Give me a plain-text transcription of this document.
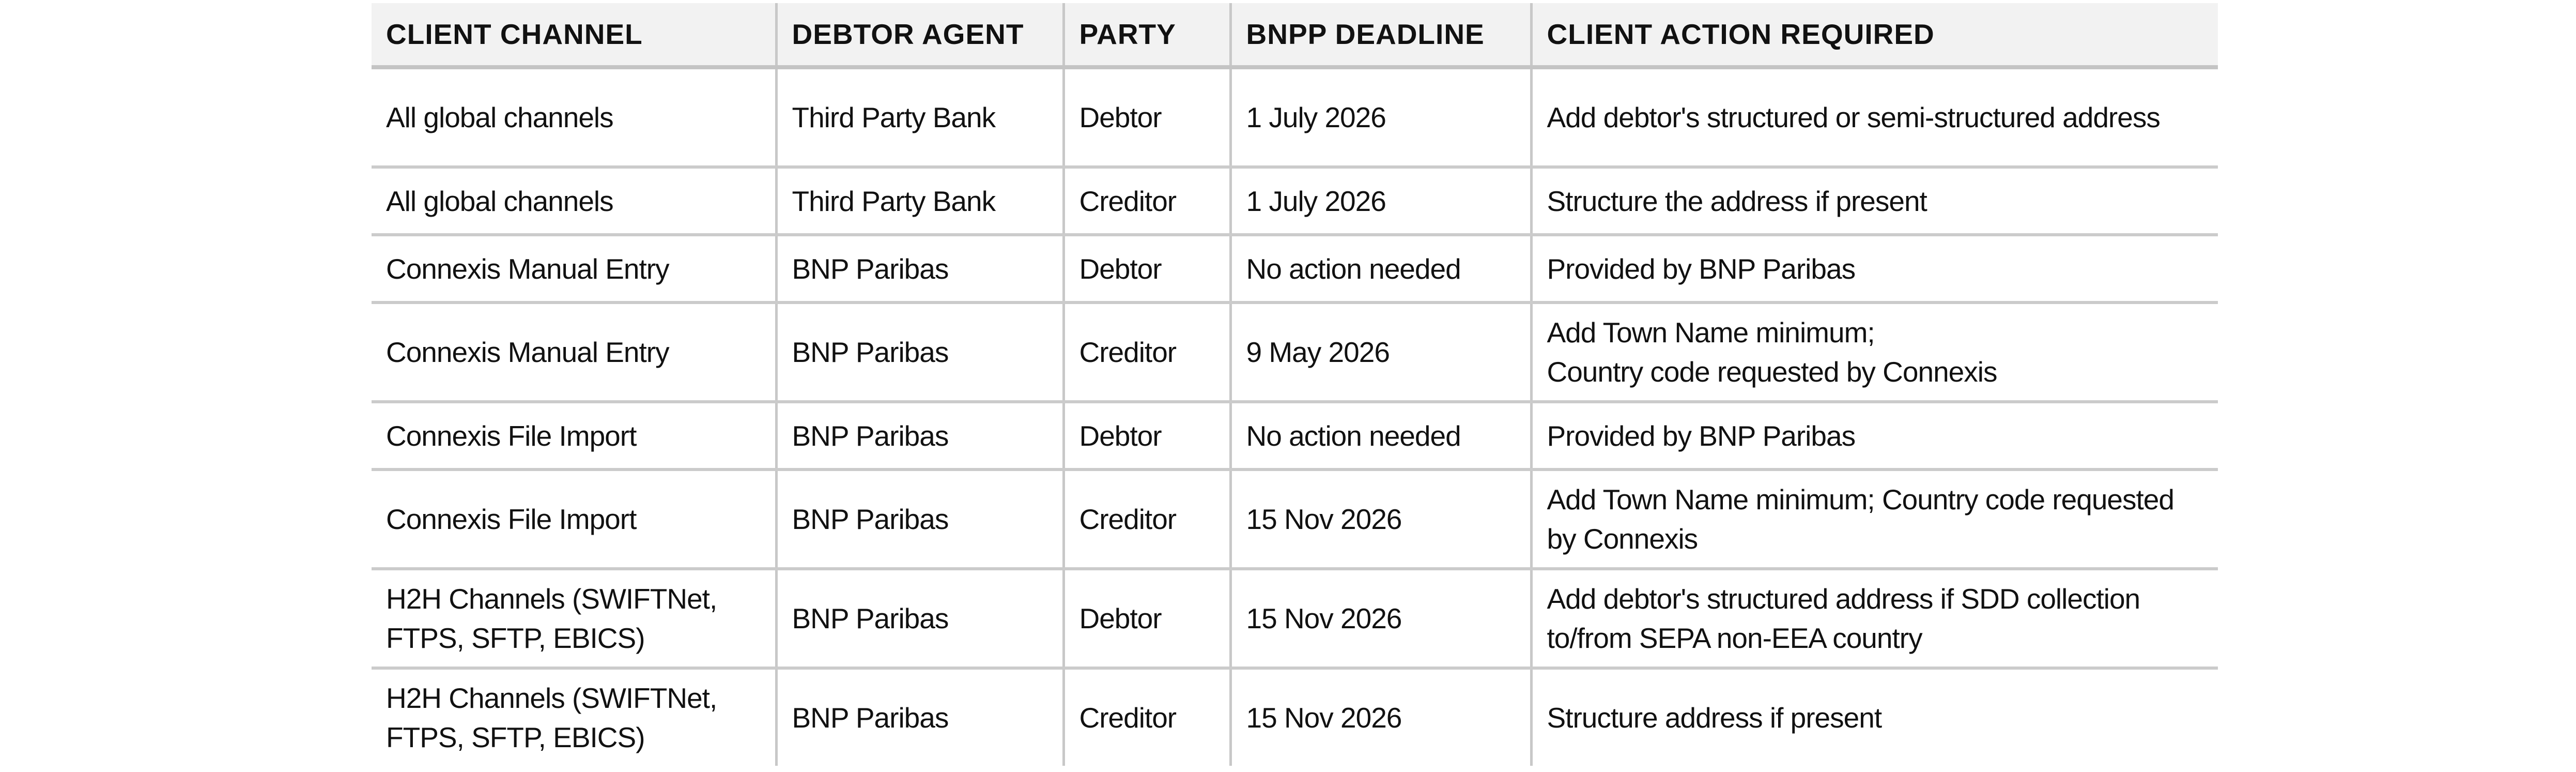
CLIENT CHANNEL	DEBTOR AGENT	PARTY	BNPP DEADLINE	CLIENT ACTION REQUIRED
All global channels	Third Party Bank	Debtor	1 July 2026	Add debtor's structured or semi-structured address
All global channels	Third Party Bank	Creditor	1 July 2026	Structure the address if present
Connexis Manual Entry	BNP Paribas	Debtor	No action needed	Provided by BNP Paribas
Connexis Manual Entry	BNP Paribas	Creditor	9 May 2026	Add Town Name minimum;
Country code requested by Connexis
Connexis File Import	BNP Paribas	Debtor	No action needed	Provided by BNP Paribas
Connexis File Import	BNP Paribas	Creditor	15 Nov 2026	Add Town Name minimum; Country code requested by Connexis
H2H Channels (SWIFTNet, FTPS, SFTP, EBICS)	BNP Paribas	Debtor	15 Nov 2026	Add debtor's structured address if SDD collection to/from SEPA non-EEA country
H2H Channels (SWIFTNet, FTPS, SFTP, EBICS)	BNP Paribas	Creditor	15 Nov 2026	Structure address if present
